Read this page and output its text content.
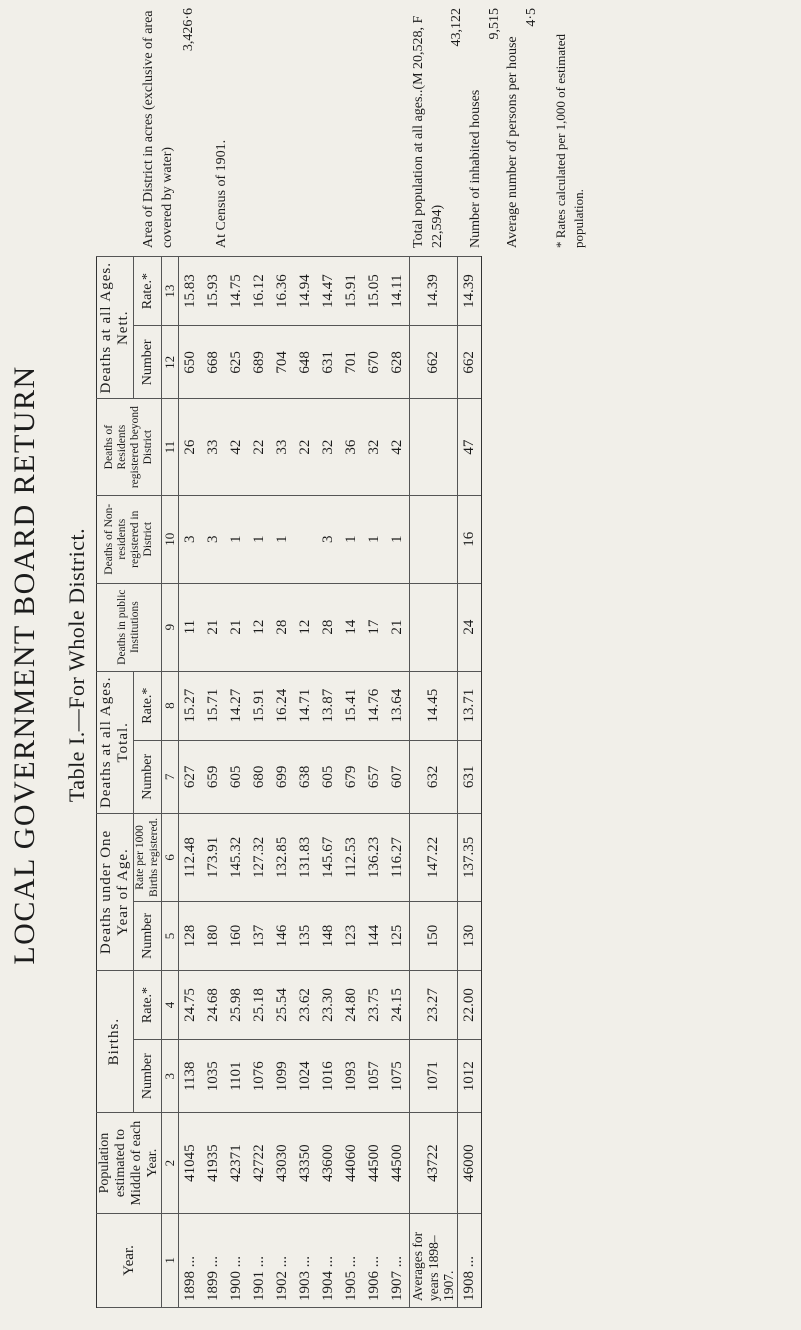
LOCAL GOVERNMENT BOARD RETURN Table I.—For Whole District.
Year.	Population estimated to Middle of each Year.	Births.		Deaths under One Year of Age.		Deaths at all Ages. Total.		Deaths in public Institutions	Deaths of Non-residents registered in District	Deaths of Residents registered beyond District	Deaths at all Ages. Nett.	
		Number	Rate.*	Number	Rate per 1000 Births registered.	Number	Rate.*				Number	Rate.*
1	2	3	4	5	6	7	8	9	10	11	12	13
1898 ...	41045	1138	24.75	128	112.48	627	15.27	11	3	26	650	15.83
1899 ...	41935	1035	24.68	180	173.91	659	15.71	21	3	33	668	15.93
1900 ...	42371	1101	25.98	160	145.32	605	14.27	21	1	42	625	14.75
1901 ...	42722	1076	25.18	137	127.32	680	15.91	12	1	22	689	16.12
1902 ...	43030	1099	25.54	146	132.85	699	16.24	28	1	33	704	16.36
1903 ...	43350	1024	23.62	135	131.83	638	14.71	12		22	648	14.94
1904 ...	43600	1016	23.30	148	145.67	605	13.87	28	3	32	631	14.47
1905 ...	44060	1093	24.80	123	112.53	679	15.41	14	1	36	701	15.91
1906 ...	44500	1057	23.75	144	136.23	657	14.76	17	1	32	670	15.05
1907 ...	44500	1075	24.15	125	116.27	607	13.64	21	1	42	628	14.11
Averages for years 1898–1907.	43722	1071	23.27	150	147.22	632	14.45				662	14.39
1908 ...	46000	1012	22.00	130	137.35	631	13.71	24	16	47	662	14.39
Area of District in acres (exclusive of area covered by water)
3,426·6
At Census of 1901.	Total population at all ages..(M 20,528, F 22,594)
43,122
Number of inhabited houses
9,515
Average number of persons per house
4·5
* Rates calculated per 1,000 of estimated population.
